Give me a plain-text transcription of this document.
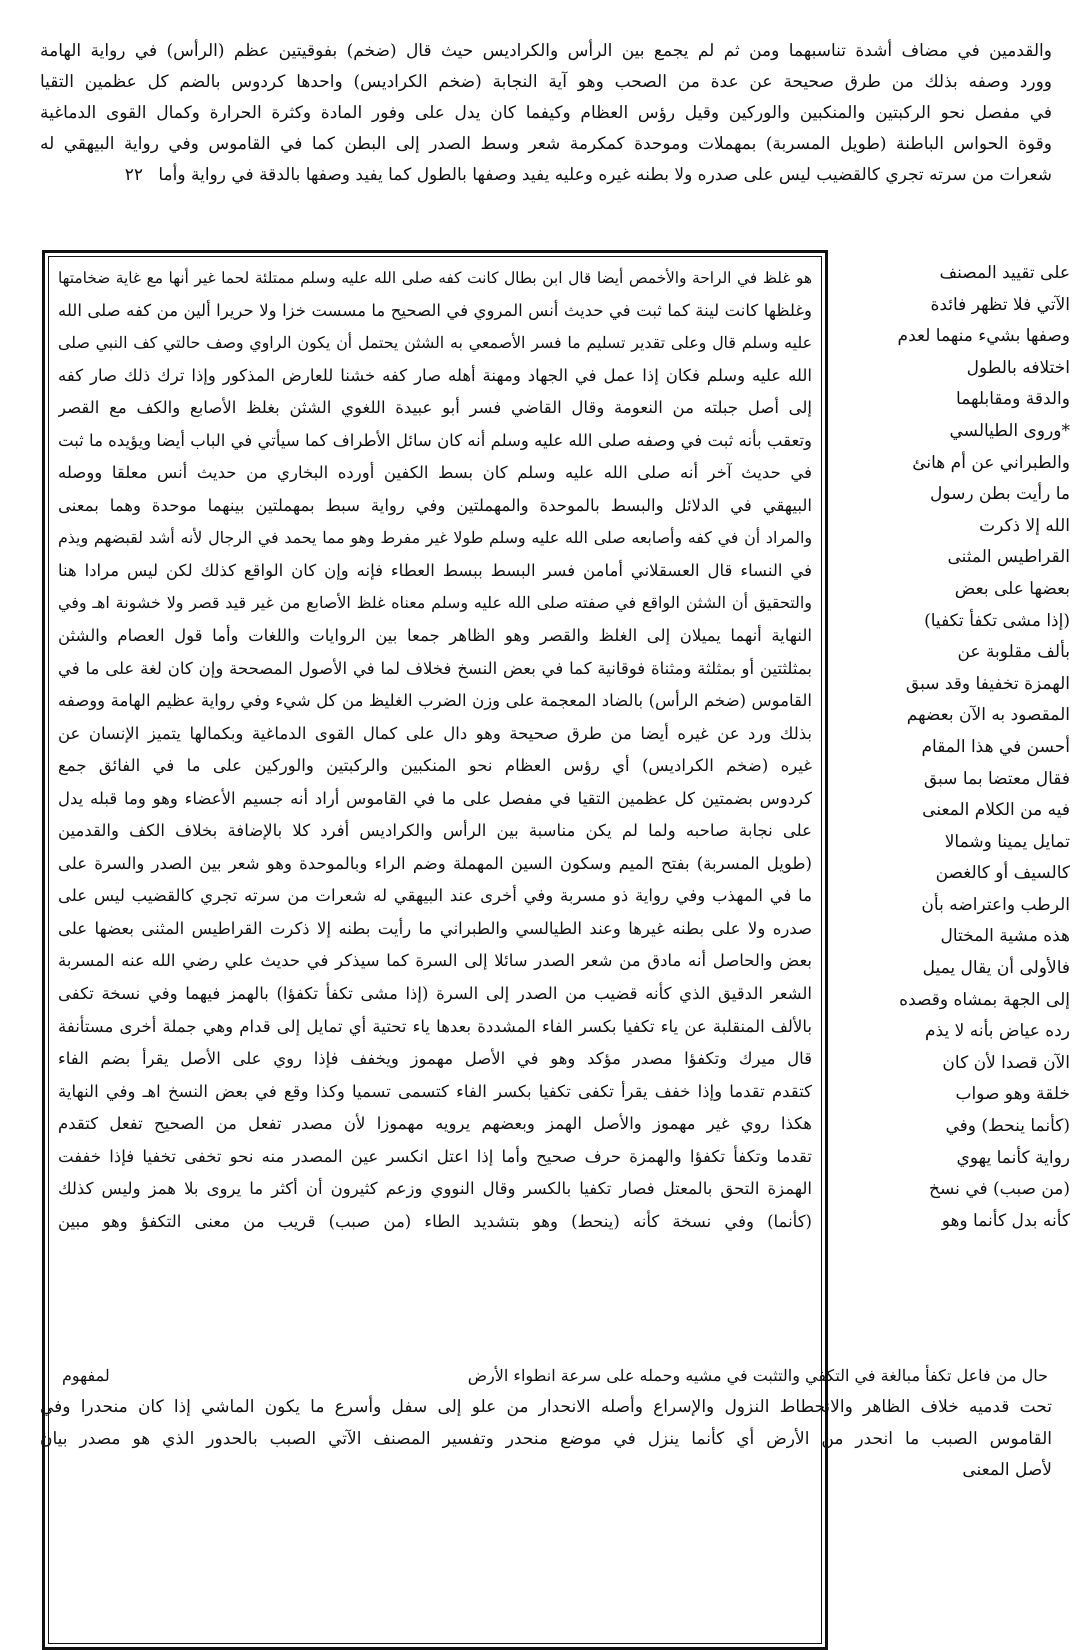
والقدمين في مضاف أشدة تناسبهما ومن ثم لم يجمع بين الرأس والكراديس حيث قال (ضخم) بفوقيتين عظم (الرأس) في رواية الهامة
وورد وصفه بذلك من طرق صحيحة عن عدة من الصحب وهو آية النجابة (ضخم الكراديس) واحدها كردوس بالضم كل عظمين التقيا
في مفصل نحو الركبتين والمنكبين والوركين وقيل رؤس العظام وكيفما كان يدل على وفور المادة وكثرة الحرارة وكمال القوى الدماغية
وقوة الحواس الباطنة (طويل المسربة) بمهملات وموحدة كمكرمة شعر وسط الصدر إلى البطن كما في القاموس وفي رواية البيهقي له
شعرات من سرته تجري كالقضيب ليس على صدره ولا بطنه غيره وعليه يفيد وصفها بالطول كما يفيد وصفها بالدقة في رواية وأما ٢٢
هو غلظ في الراحة والأخمص أيضا قال ابن بطال كانت كفه صلى الله عليه وسلم ممتلئة لحما غير أنها مع غاية ضخامتها
وغلظها كانت لينة كما ثبت في حديث أنس المروي في الصحيح ما مسست خزا ولا حريرا ألين من كفه صلى الله
عليه وسلم قال وعلى تقدير تسليم ما فسر الأصمعي به الشثن يحتمل أن يكون الراوي وصف حالتي كف النبي صلى
الله عليه وسلم فكان إذا عمل في الجهاد ومهنة أهله صار كفه خشنا للعارض المذكور وإذا ترك ذلك صار كفه
إلى أصل جبلته من النعومة وقال القاضي فسر أبو عبيدة اللغوي الشثن بغلظ الأصابع والكف مع القصر
وتعقب بأنه ثبت في وصفه صلى الله عليه وسلم أنه كان سائل الأطراف كما سيأتي في الباب أيضا ويؤيده ما ثبت
في حديث آخر أنه صلى الله عليه وسلم كان بسط الكفين أورده البخاري من حديث أنس معلقا ووصله
البيهقي في الدلائل والبسط بالموحدة والمهملتين وفي رواية سبط بمهملتين بينهما موحدة وهما بمعنى
والمراد أن في كفه وأصابعه صلى الله عليه وسلم طولا غير مفرط وهو مما يحمد في الرجال لأنه أشد لقبضهم ويذم
في النساء قال العسقلاني أمامن فسر البسط ببسط العطاء فإنه وإن كان الواقع كذلك لكن ليس مرادا هنا
والتحقيق أن الشثن الواقع في صفته صلى الله عليه وسلم معناه غلظ الأصابع من غير قيد قصر ولا خشونة اهـ وفي
النهاية أنهما يميلان إلى الغلظ والقصر وهو الظاهر جمعا بين الروايات واللغات وأما قول العصام والشثن
بمثلثتين أو بمثلثة ومثناة فوقانية كما في بعض النسخ فخلاف لما في الأصول المصححة وإن كان لغة على ما في
القاموس (ضخم الرأس) بالضاد المعجمة على وزن الضرب الغليظ من كل شيء وفي رواية عظيم الهامة ووصفه
بذلك ورد عن غيره أيضا من طرق صحيحة وهو دال على كمال القوى الدماغية وبكمالها يتميز الإنسان عن
غيره (ضخم الكراديس) أي رؤس العظام نحو المنكبين والركبتين والوركين على ما في الفائق جمع
كردوس بضمتين كل عظمين التقيا في مفصل على ما في القاموس أراد أنه جسيم الأعضاء وهو وما قبله يدل
على نجابة صاحبه ولما لم يكن مناسبة بين الرأس والكراديس أفرد كلا بالإضافة بخلاف الكف والقدمين
(طويل المسربة) بفتح الميم وسكون السين المهملة وضم الراء وبالموحدة وهو شعر بين الصدر والسرة على
ما في المهذب وفي رواية ذو مسربة وفي أخرى عند البيهقي له شعرات من سرته تجري كالقضيب ليس على
صدره ولا على بطنه غيرها وعند الطيالسي والطبراني ما رأيت بطنه إلا ذكرت القراطيس المثنى بعضها على
بعض والحاصل أنه مادق من شعر الصدر سائلا إلى السرة كما سيذكر في حديث علي رضي الله عنه المسربة
الشعر الدقيق الذي كأنه قضيب من الصدر إلى السرة (إذا مشى تكفأ تكفؤا) بالهمز فيهما وفي نسخة تكفى
بالألف المنقلبة عن ياء تكفيا بكسر الفاء المشددة بعدها ياء تحتية أي تمايل إلى قدام وهي جملة أخرى مستأنفة
قال ميرك وتكفؤا مصدر مؤكد وهو في الأصل مهموز ويخفف فإذا روي على الأصل يقرأ بضم الفاء
كتقدم تقدما وإذا خفف يقرأ تكفى تكفيا بكسر الفاء كتسمى تسميا وكذا وقع في بعض النسخ اهـ وفي النهاية
هكذا روي غير مهموز والأصل الهمز وبعضهم يرويه مهموزا لأن مصدر تفعل من الصحيح تفعل كتقدم
تقدما وتكفأ تكفؤا والهمزة حرف صحيح وأما إذا اعتل انكسر عين المصدر منه نحو تخفى تخفيا فإذا خففت
الهمزة التحق بالمعتل فصار تكفيا بالكسر وقال النووي وزعم كثيرون أن أكثر ما يروى بلا همز وليس كذلك
(كأنما) وفي نسخة كأنه (ينحط) وهو بتشديد الطاء (من صبب) قريب من معنى التكفؤ وهو مبين
على تقييد المصنف
الآتي فلا تظهر فائدة
وصفها بشيء منهما لعدم
اختلافه بالطول
والدقة ومقابلهما
*وروى الطيالسي
والطبراني عن أم هانئ
ما رأيت بطن رسول
الله إلا ذكرت
القراطيس المثنى
بعضها على بعض
(إذا مشى تكفأ تكفيا)
بألف مقلوبة عن
الهمزة تخفيفا وقد سبق
المقصود به الآن بعضهم
أحسن في هذا المقام
فقال معتضا بما سبق
فيه من الكلام المعنى
تمايل يمينا وشمالا
كالسيف أو كالغصن
الرطب واعتراضه بأن
هذه مشية المختال
فالأولى أن يقال يميل
إلى الجهة بمشاه وقصده
رده عياض بأنه لا يذم
الآن قصدا لأن كان
خلقة وهو صواب
(كأنما ينحط) وفي
رواية كأنما يهوي
(من صبب) في نسخ
كأنه بدل كأنما وهو
حال من فاعل تكفأ مبالغة في التكفي والتثبت في مشيه وحمله على سرعة انطواء الأرض
لمفهوم
تحت قدميه خلاف الظاهر والانحطاط النزول والإسراع وأصله الانحدار من علو إلى سفل وأسرع ما يكون الماشي إذا كان منحدرا وفي
القاموس الصبب ما انحدر من الأرض أي كأنما ينزل في موضع منحدر وتفسير المصنف الآتي الصبب بالحدور الذي هو مصدر بيان
لأصل المعنى
